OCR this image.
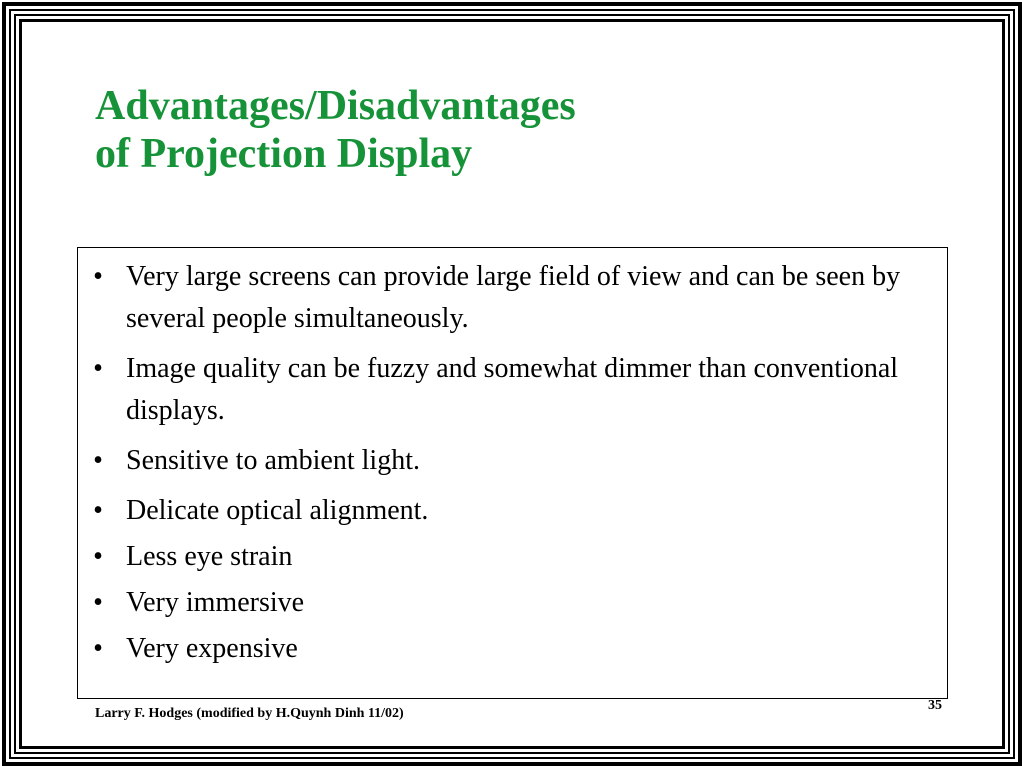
Advantages/Disadvantages
of Projection Display
• Very large screens can provide large field of view and can be seen by several people simultaneously.
• Image quality can be fuzzy and somewhat dimmer than conventional displays.
• Sensitive to ambient light.
• Delicate optical alignment.
• Less eye strain
• Very immersive
• Very expensive
Larry F. Hodges (modified by H.Quynh Dinh 11/02)
35
